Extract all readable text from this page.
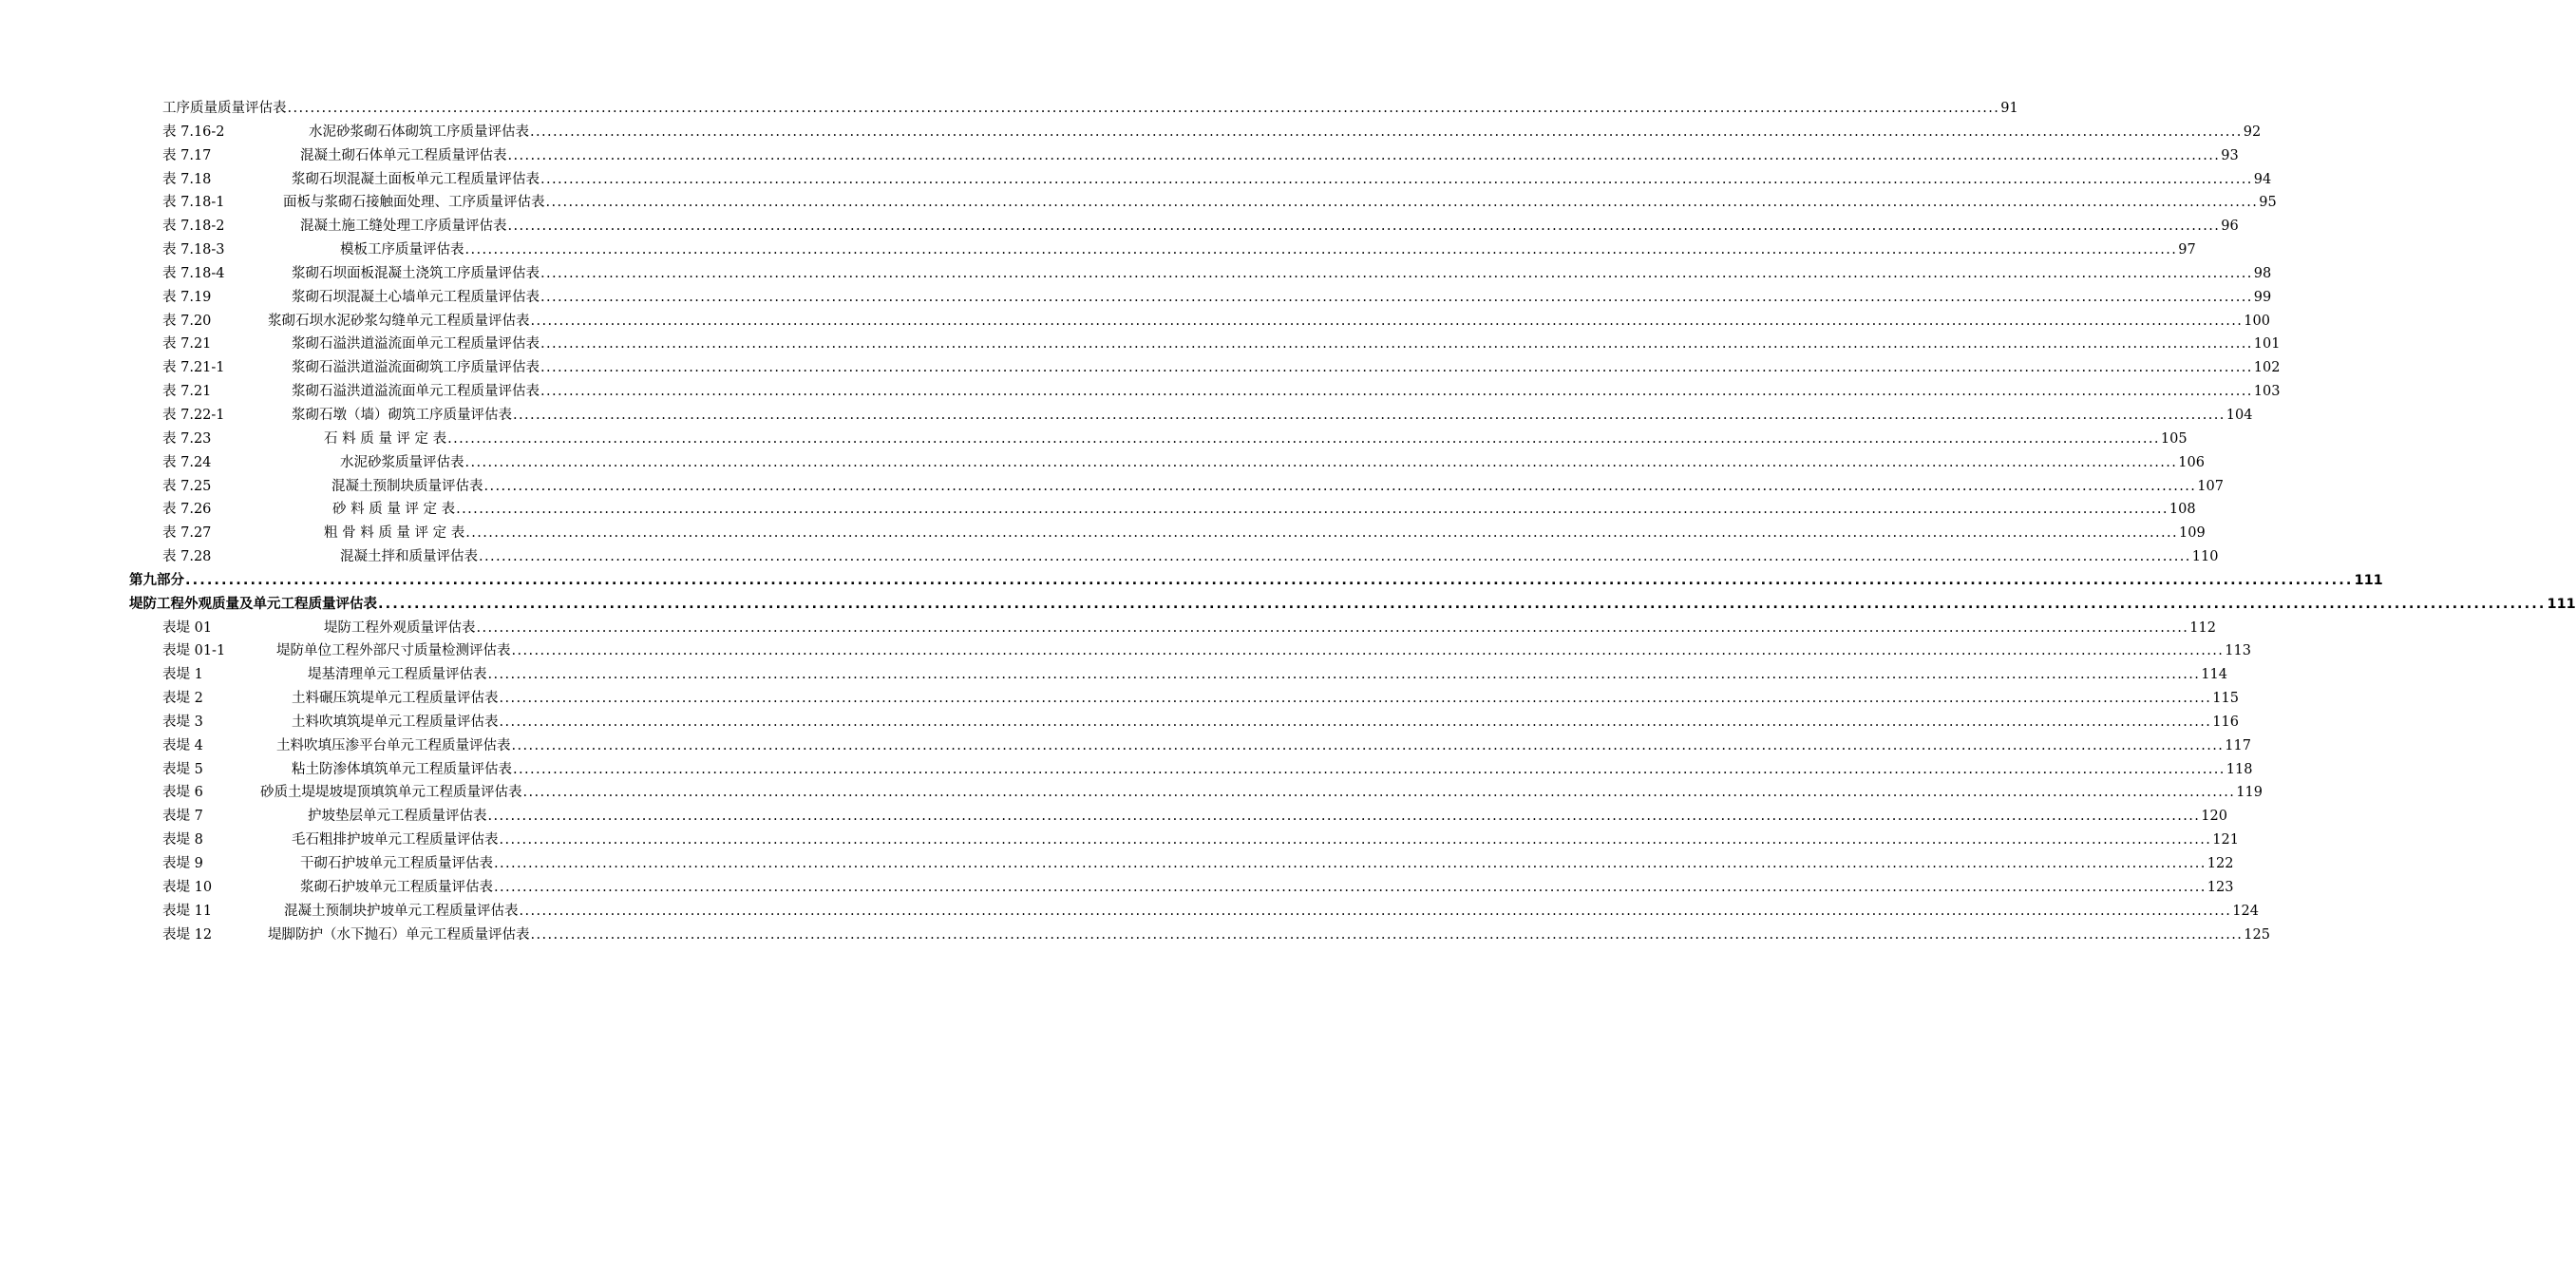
工序质量质量评估表 ............................................................................................................................................................................................................................................................................................................ 91
表 7.16-2	水泥砂浆砌石体砌筑工序质量评估表 ............................................................................................................................................................................................................................................................................................................ 92
表 7.17	混凝土砌石体单元工程质量评估表 ............................................................................................................................................................................................................................................................................................................ 93
表 7.18	浆砌石坝混凝土面板单元工程质量评估表 ............................................................................................................................................................................................................................................................................................................ 94
表 7.18-1	面板与浆砌石接触面处理、工序质量评估表 ............................................................................................................................................................................................................................................................................................................ 95
表 7.18-2	混凝土施工缝处理工序质量评估表 ............................................................................................................................................................................................................................................................................................................ 96
表 7.18-3	模板工序质量评估表 ............................................................................................................................................................................................................................................................................................................ 97
表 7.18-4	浆砌石坝面板混凝土浇筑工序质量评估表 ............................................................................................................................................................................................................................................................................................................ 98
表 7.19	浆砌石坝混凝土心墙单元工程质量评估表 ............................................................................................................................................................................................................................................................................................................ 99
表 7.20	浆砌石坝水泥砂浆勾缝单元工程质量评估表 ............................................................................................................................................................................................................................................................................................................ 100
表 7.21	浆砌石溢洪道溢流面单元工程质量评估表 ............................................................................................................................................................................................................................................................................................................ 101
表 7.21-1	浆砌石溢洪道溢流面砌筑工序质量评估表 ............................................................................................................................................................................................................................................................................................................ 102
表 7.21	浆砌石溢洪道溢流面单元工程质量评估表 ............................................................................................................................................................................................................................................................................................................ 103
表 7.22-1	浆砌石墩（墙）砌筑工序质量评估表 ............................................................................................................................................................................................................................................................................................................ 104
表 7.23	石 料 质 量 评 定 表 ............................................................................................................................................................................................................................................................................................................ 105
表 7.24	水泥砂浆质量评估表 ............................................................................................................................................................................................................................................................................................................ 106
表 7.25	混凝土预制块质量评估表 ............................................................................................................................................................................................................................................................................................................ 107
表 7.26	砂 料 质 量 评 定 表 ............................................................................................................................................................................................................................................................................................................ 108
表 7.27	粗 骨 料 质 量 评 定 表 ............................................................................................................................................................................................................................................................................................................ 109
表 7.28	混凝土拌和质量评估表 ............................................................................................................................................................................................................................................................................................................ 110
第九部分 ............................................................................................................................................................................................................................................................................................................ 111
堤防工程外观质量及单元工程质量评估表 ............................................................................................................................................................................................................................................................................................................ 111
表堤 01	堤防工程外观质量评估表 ............................................................................................................................................................................................................................................................................................................ 112
表堤 01-1	堤防单位工程外部尺寸质量检测评估表 ............................................................................................................................................................................................................................................................................................................ 113
表堤 1	堤基清理单元工程质量评估表 ............................................................................................................................................................................................................................................................................................................ 114
表堤 2	土料碾压筑堤单元工程质量评估表 ............................................................................................................................................................................................................................................................................................................ 115
表堤 3	土料吹填筑堤单元工程质量评估表 ............................................................................................................................................................................................................................................................................................................ 116
表堤 4	土料吹填压渗平台单元工程质量评估表 ............................................................................................................................................................................................................................................................................................................ 117
表堤 5	粘土防渗体填筑单元工程质量评估表 ............................................................................................................................................................................................................................................................................................................ 118
表堤 6	砂质土堤堤坡堤顶填筑单元工程质量评估表 ............................................................................................................................................................................................................................................................................................................ 119
表堤 7	护坡垫层单元工程质量评估表 ............................................................................................................................................................................................................................................................................................................ 120
表堤 8	毛石粗排护坡单元工程质量评估表 ............................................................................................................................................................................................................................................................................................................ 121
表堤 9	干砌石护坡单元工程质量评估表 ............................................................................................................................................................................................................................................................................................................ 122
表堤 10	浆砌石护坡单元工程质量评估表 ............................................................................................................................................................................................................................................................................................................ 123
表堤 11	混凝土预制块护坡单元工程质量评估表 ............................................................................................................................................................................................................................................................................................................ 124
表堤 12	堤脚防护（水下抛石）单元工程质量评估表 ............................................................................................................................................................................................................................................................................................................ 125
